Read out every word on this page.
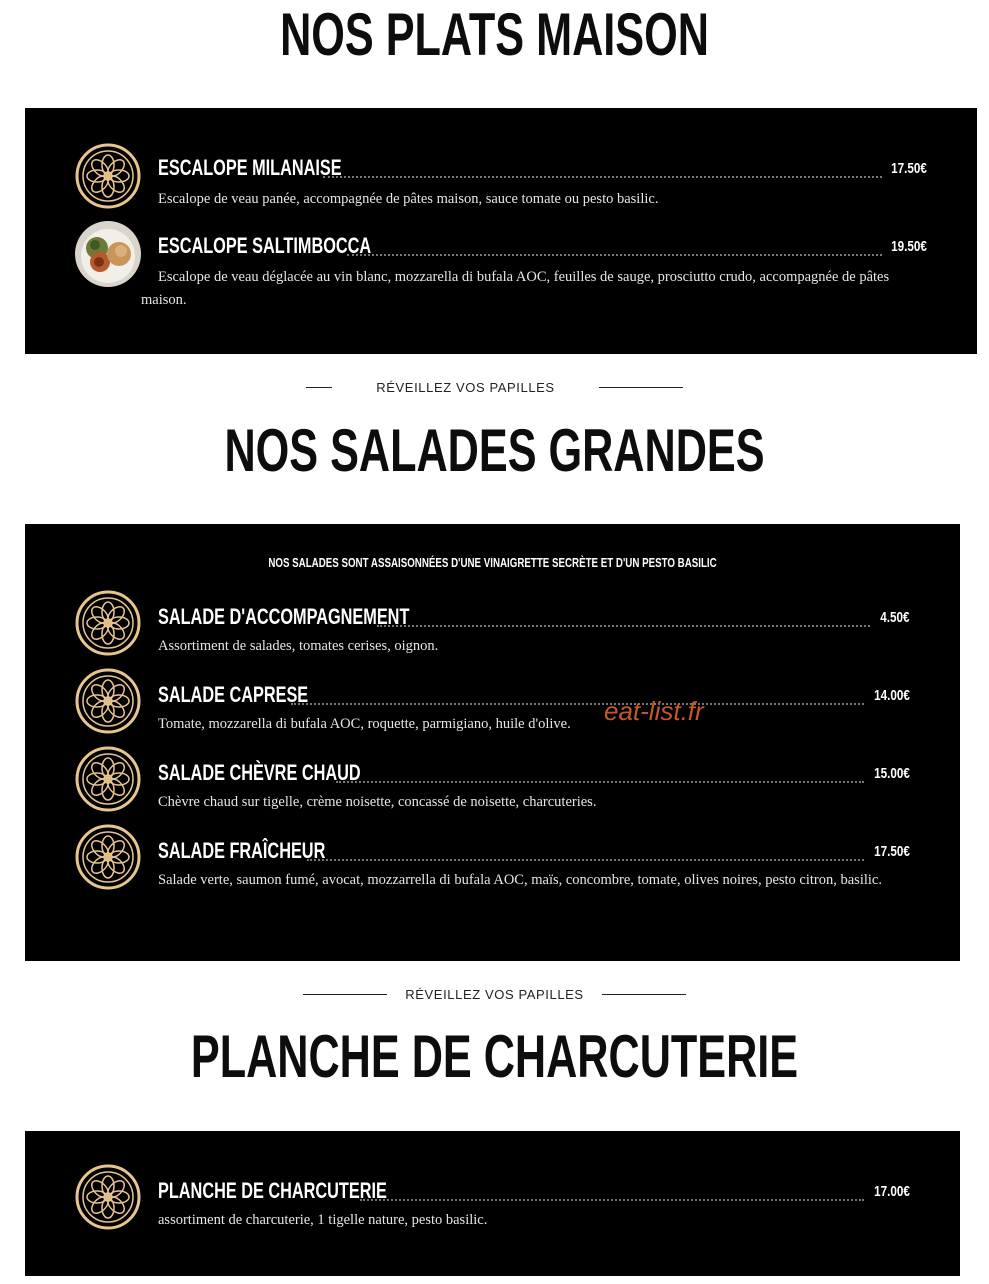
NOS PLATS MAISON
ESCALOPE MILANAISE	17.50€
Escalope de veau panée, accompagnée de pâtes maison, sauce tomate ou pesto basilic.
ESCALOPE SALTIMBOCCA	19.50€
Escalope de veau déglacée au vin blanc, mozzarella di bufala AOC, feuilles de sauge, prosciutto crudo, accompagnée de pâtes maison.
RÉVEILLEZ VOS PAPILLES
NOS SALADES GRANDES
NOS SALADES SONT ASSAISONNÉES D'UNE VINAIGRETTE SECRÈTE ET D'UN PESTO BASILIC
SALADE D'ACCOMPAGNEMENT	4.50€
Assortiment de salades, tomates cerises, oignon.
SALADE CAPRESE	14.00€
Tomate, mozzarella di bufala AOC, roquette, parmigiano, huile d'olive.
SALADE CHÈVRE CHAUD	15.00€
Chèvre chaud sur tigelle, crème noisette, concassé de noisette, charcuteries.
SALADE FRAÎCHEUR	17.50€
Salade verte, saumon fumé, avocat, mozzarrella di bufala AOC, maïs, concombre, tomate, olives noires, pesto citron, basilic.
eat-list.fr
RÉVEILLEZ VOS PAPILLES
PLANCHE DE CHARCUTERIE
PLANCHE DE CHARCUTERIE	17.00€
assortiment de charcuterie, 1 tigelle nature, pesto basilic.
